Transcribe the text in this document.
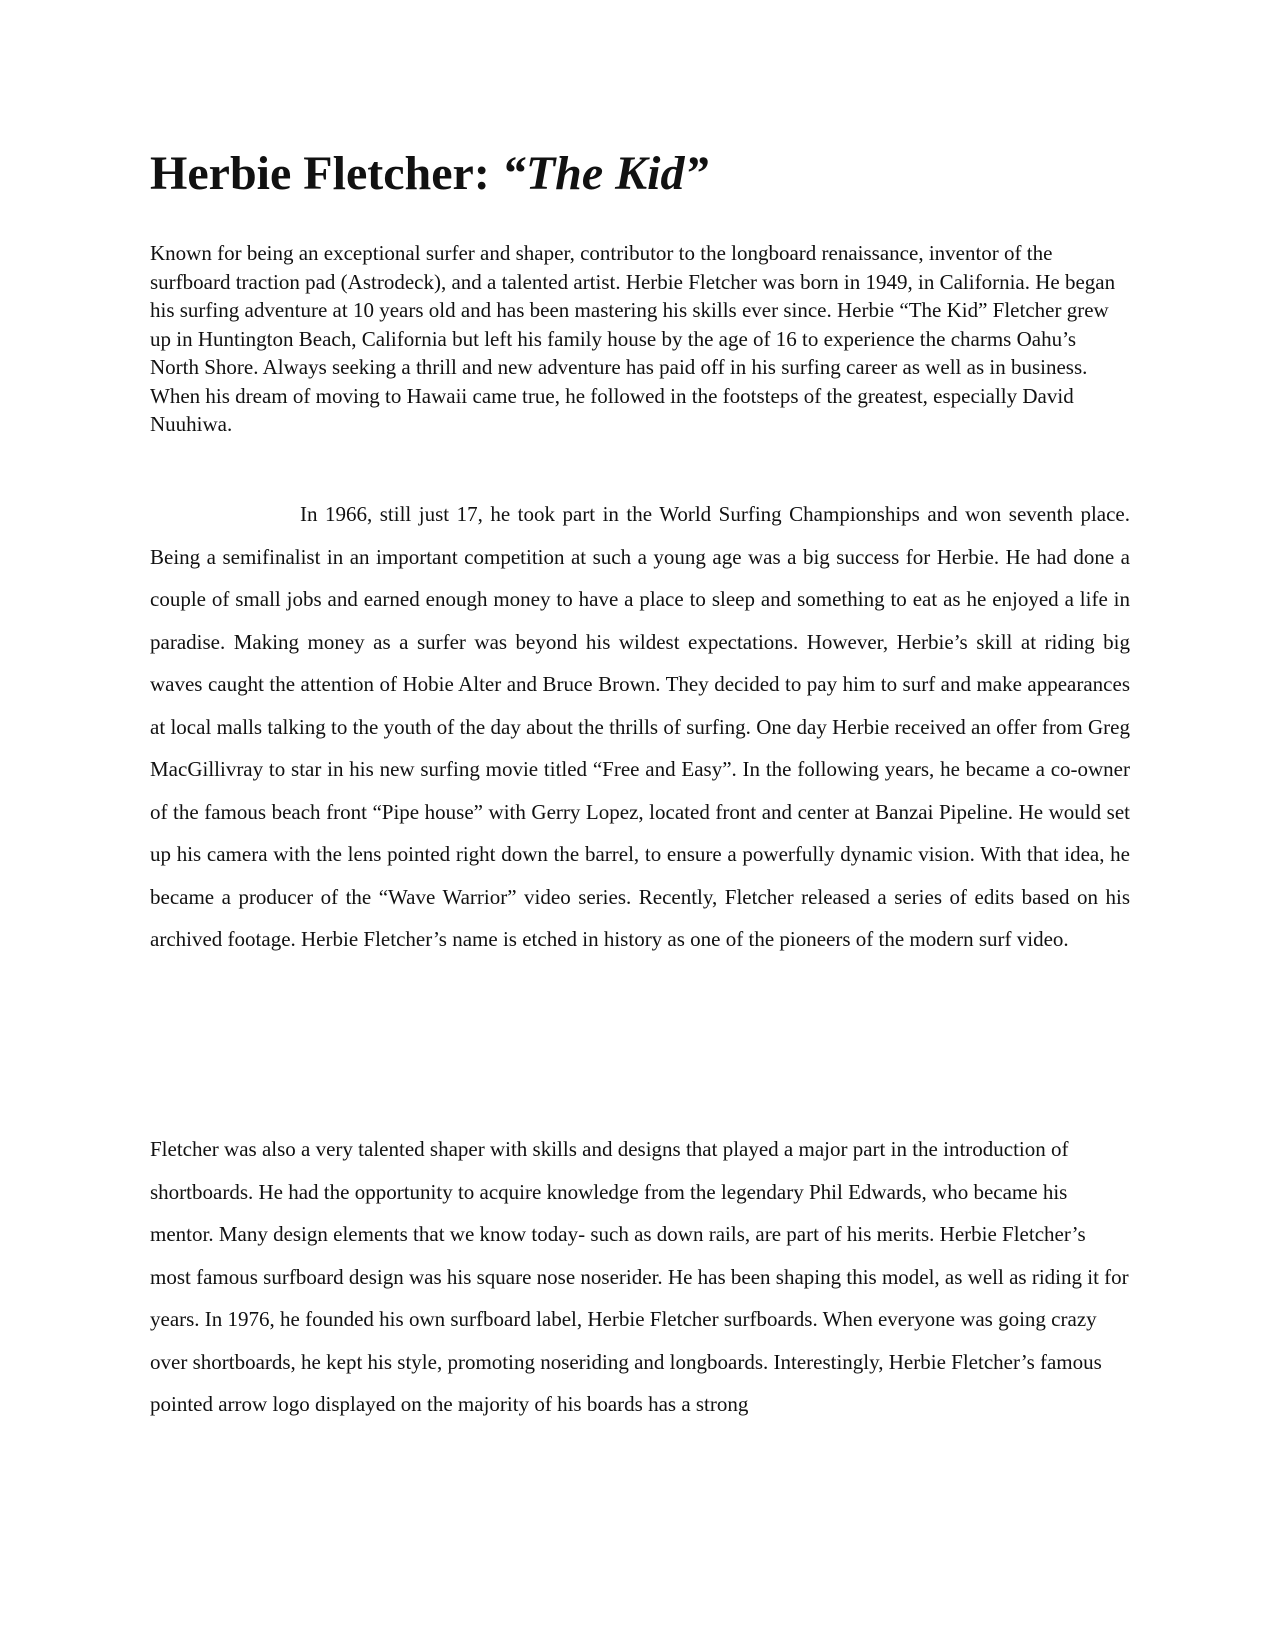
Herbie Fletcher: “The Kid”

Known for being an exceptional surfer and shaper, contributor to the longboard renaissance, inventor of the surfboard traction pad (Astrodeck), and a talented artist. Herbie Fletcher was born in 1949, in California. He began his surfing adventure at 10 years old and has been mastering his skills ever since. Herbie “The Kid” Fletcher grew up in Huntington Beach, California but left his family house by the age of 16 to experience the charms Oahu’s North Shore. Always seeking a thrill and new adventure has paid off in his surfing career as well as in business. When his dream of moving to Hawaii came true, he followed in the footsteps of the greatest, especially David Nuuhiwa.

In 1966, still just 17, he took part in the World Surfing Championships and won seventh place. Being a semifinalist in an important competition at such a young age was a big success for Herbie. He had done a couple of small jobs and earned enough money to have a place to sleep and something to eat as he enjoyed a life in paradise. Making money as a surfer was beyond his wildest expectations. However, Herbie’s skill at riding big waves caught the attention of Hobie Alter and Bruce Brown. They decided to pay him to surf and make appearances at local malls talking to the youth of the day about the thrills of surfing. One day Herbie received an offer from Greg MacGillivray to star in his new surfing movie titled “Free and Easy”. In the following years, he became a co-owner of the famous beach front “Pipe house” with Gerry Lopez, located front and center at Banzai Pipeline. He would set up his camera with the lens pointed right down the barrel, to ensure a powerfully dynamic vision. With that idea, he became a producer of the “Wave Warrior” video series. Recently, Fletcher released a series of edits based on his archived footage. Herbie Fletcher’s name is etched in history as one of the pioneers of the modern surf video.

Fletcher was also a very talented shaper with skills and designs that played a major part in the introduction of shortboards. He had the opportunity to acquire knowledge from the legendary Phil Edwards, who became his mentor. Many design elements that we know today- such as down rails, are part of his merits. Herbie Fletcher’s most famous surfboard design was his square nose noserider. He has been shaping this model, as well as riding it for years. In 1976, he founded his own surfboard label, Herbie Fletcher surfboards. When everyone was going crazy over shortboards, he kept his style, promoting noseriding and longboards. Interestingly, Herbie Fletcher’s famous pointed arrow logo displayed on the majority of his boards has a strong
